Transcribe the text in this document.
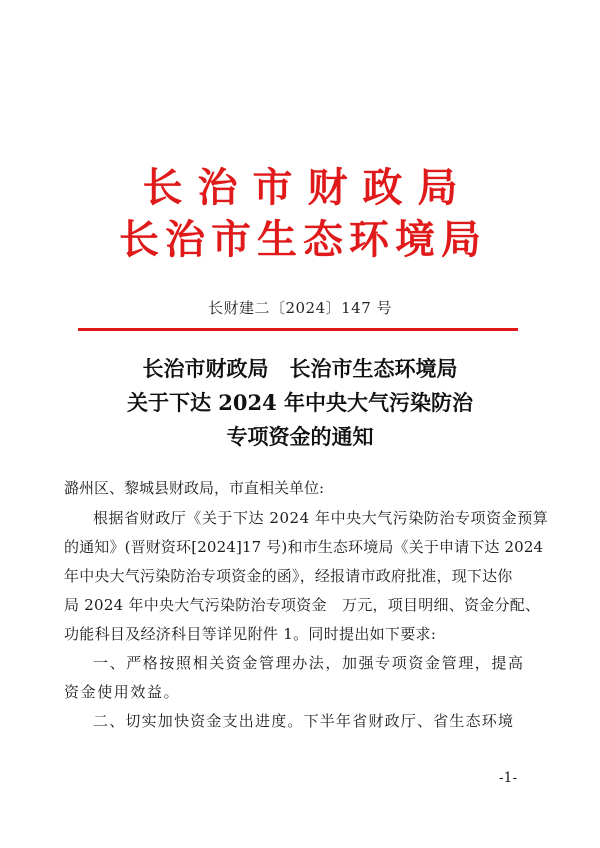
长治市财政局
长治市生态环境局
长财建二〔2024〕147 号
长治市财政局　长治市生态环境局
关于下达 2024 年中央大气污染防治
专项资金的通知
潞州区、黎城县财政局，市直相关单位:
根据省财政厅《关于下达 2024 年中央大气污染防治专项资金预算
的通知》(晋财资环[2024]17 号)和市生态环境局《关于申请下达 2024
年中央大气污染防治专项资金的函》，经报请市政府批准，现下达你
局 2024 年中央大气污染防治专项资金　万元，项目明细、资金分配、
功能科目及经济科目等详见附件 1。同时提出如下要求:
一、严格按照相关资金管理办法，加强专项资金管理，提高
资金使用效益。
二、切实加快资金支出进度。下半年省财政厅、省生态环境
-1-
